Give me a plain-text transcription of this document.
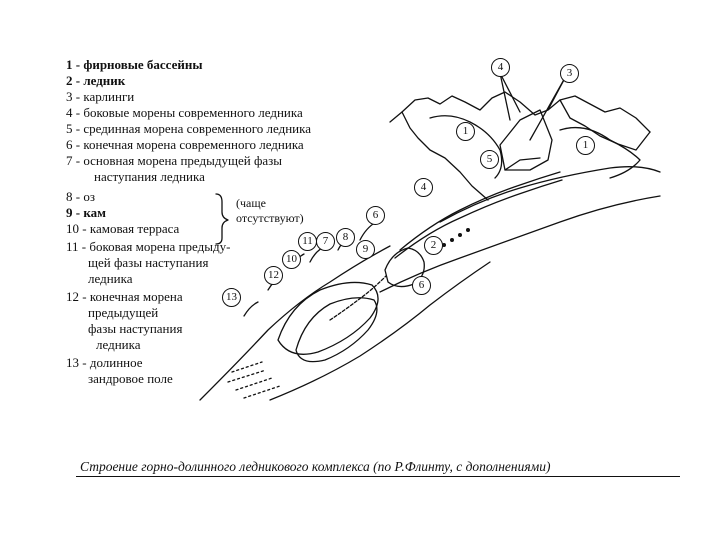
1 - фирновые бассейны
2 - ледник
3 - карлинги
4 - боковые морены современного ледника
5 - срединная морена современного ледника
6 - конечная морена современного ледника
7 - основная морена предыдущей фазы
наступания ледника
8 - оз
9 - кам
10 - камовая терраса
11 - боковая морена предыду-
щей фазы наступания
ледника
12 - конечная морена
предыдущей
фазы наступания
ледника
13 - долинное
зандровое поле
(чаще
отсутствуют)
1
1
2
3
4
4
5
6
6
7	8
9
10
11
12
13
Строение горно-долинного ледникового комплекса (по Р.Флинту, с дополнениями)
